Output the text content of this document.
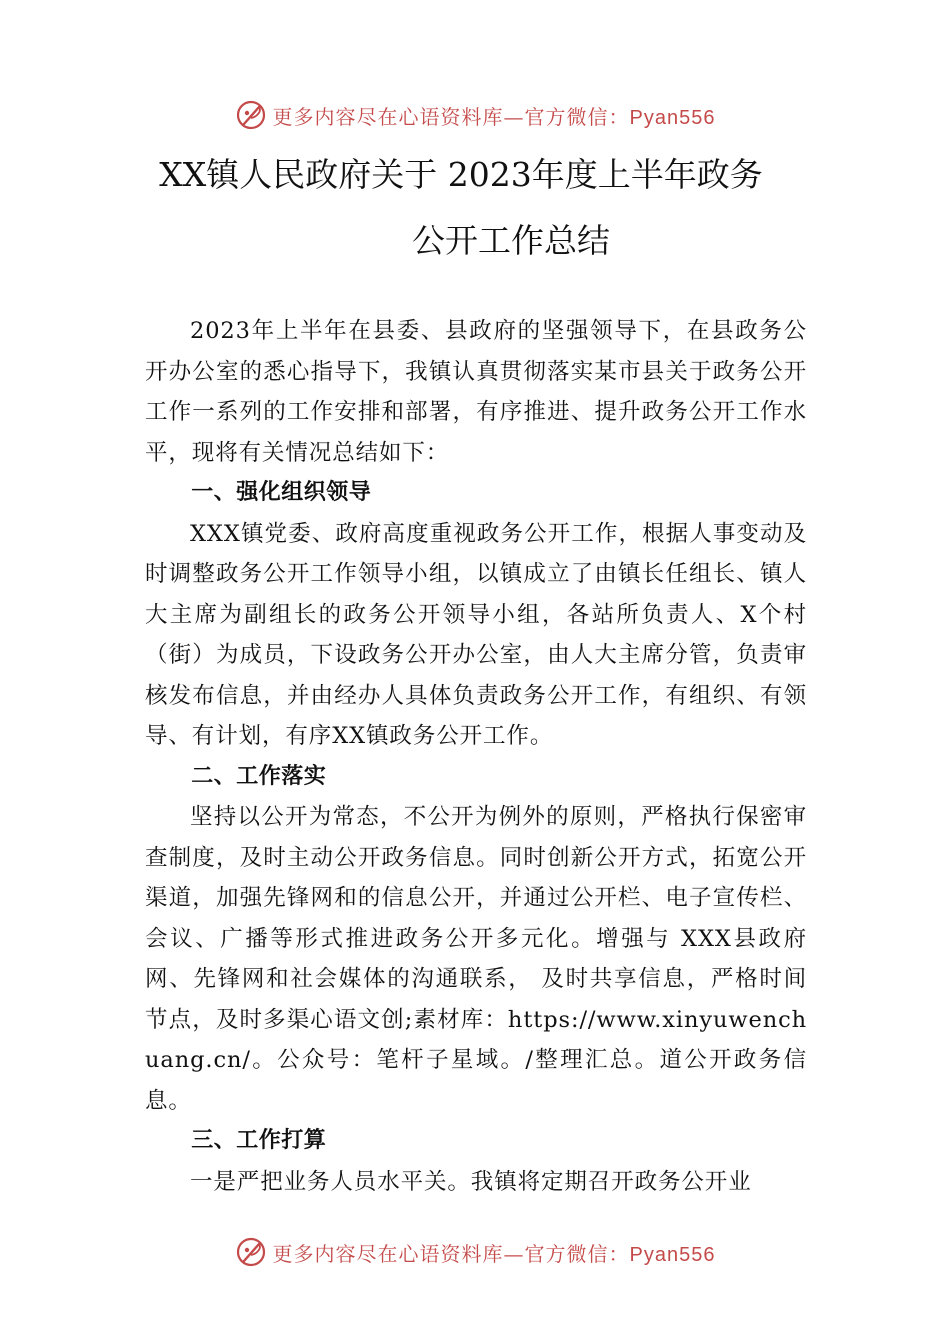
更多内容尽在心语资料库—官方微信：Pyan556
XX镇人民政府关于 2023年度上半年政务
公开工作总结

2023年上半年在县委、县政府的坚强领导下，在县政务公开办公室的悉心指导下，我镇认真贯彻落实某市县关于政务公开工作一系列的工作安排和部署，有序推进、提升政务公开工作水平，现将有关情况总结如下：

一、强化组织领导

XXX镇党委、政府高度重视政务公开工作，根据人事变动及时调整政务公开工作领导小组，以镇成立了由镇长任组长、镇人大主席为副组长的政务公开领导小组，各站所负责人、X个村（街）为成员，下设政务公开办公室，由人大主席分管，负责审核发布信息，并由经办人具体负责政务公开工作，有组织、有领导、有计划，有序XX镇政务公开工作。

二、工作落实

坚持以公开为常态，不公开为例外的原则，严格执行保密审查制度，及时主动公开政务信息。同时创新公开方式，拓宽公开渠道，加强先锋网和的信息公开，并通过公开栏、电子宣传栏、会议、广播等形式推进政务公开多元化。增强与 XXX县政府网、先锋网和社会媒体的沟通联系， 及时共享信息，严格时间节点，及时多渠心语文创;素材库：https://www.xinyuwenchuang.cn/。公众号：笔杆子星域。/整理汇总。道公开政务信息。

三、工作打算

一是严把业务人员水平关。我镇将定期召开政务公开业

更多内容尽在心语资料库—官方微信：Pyan556
